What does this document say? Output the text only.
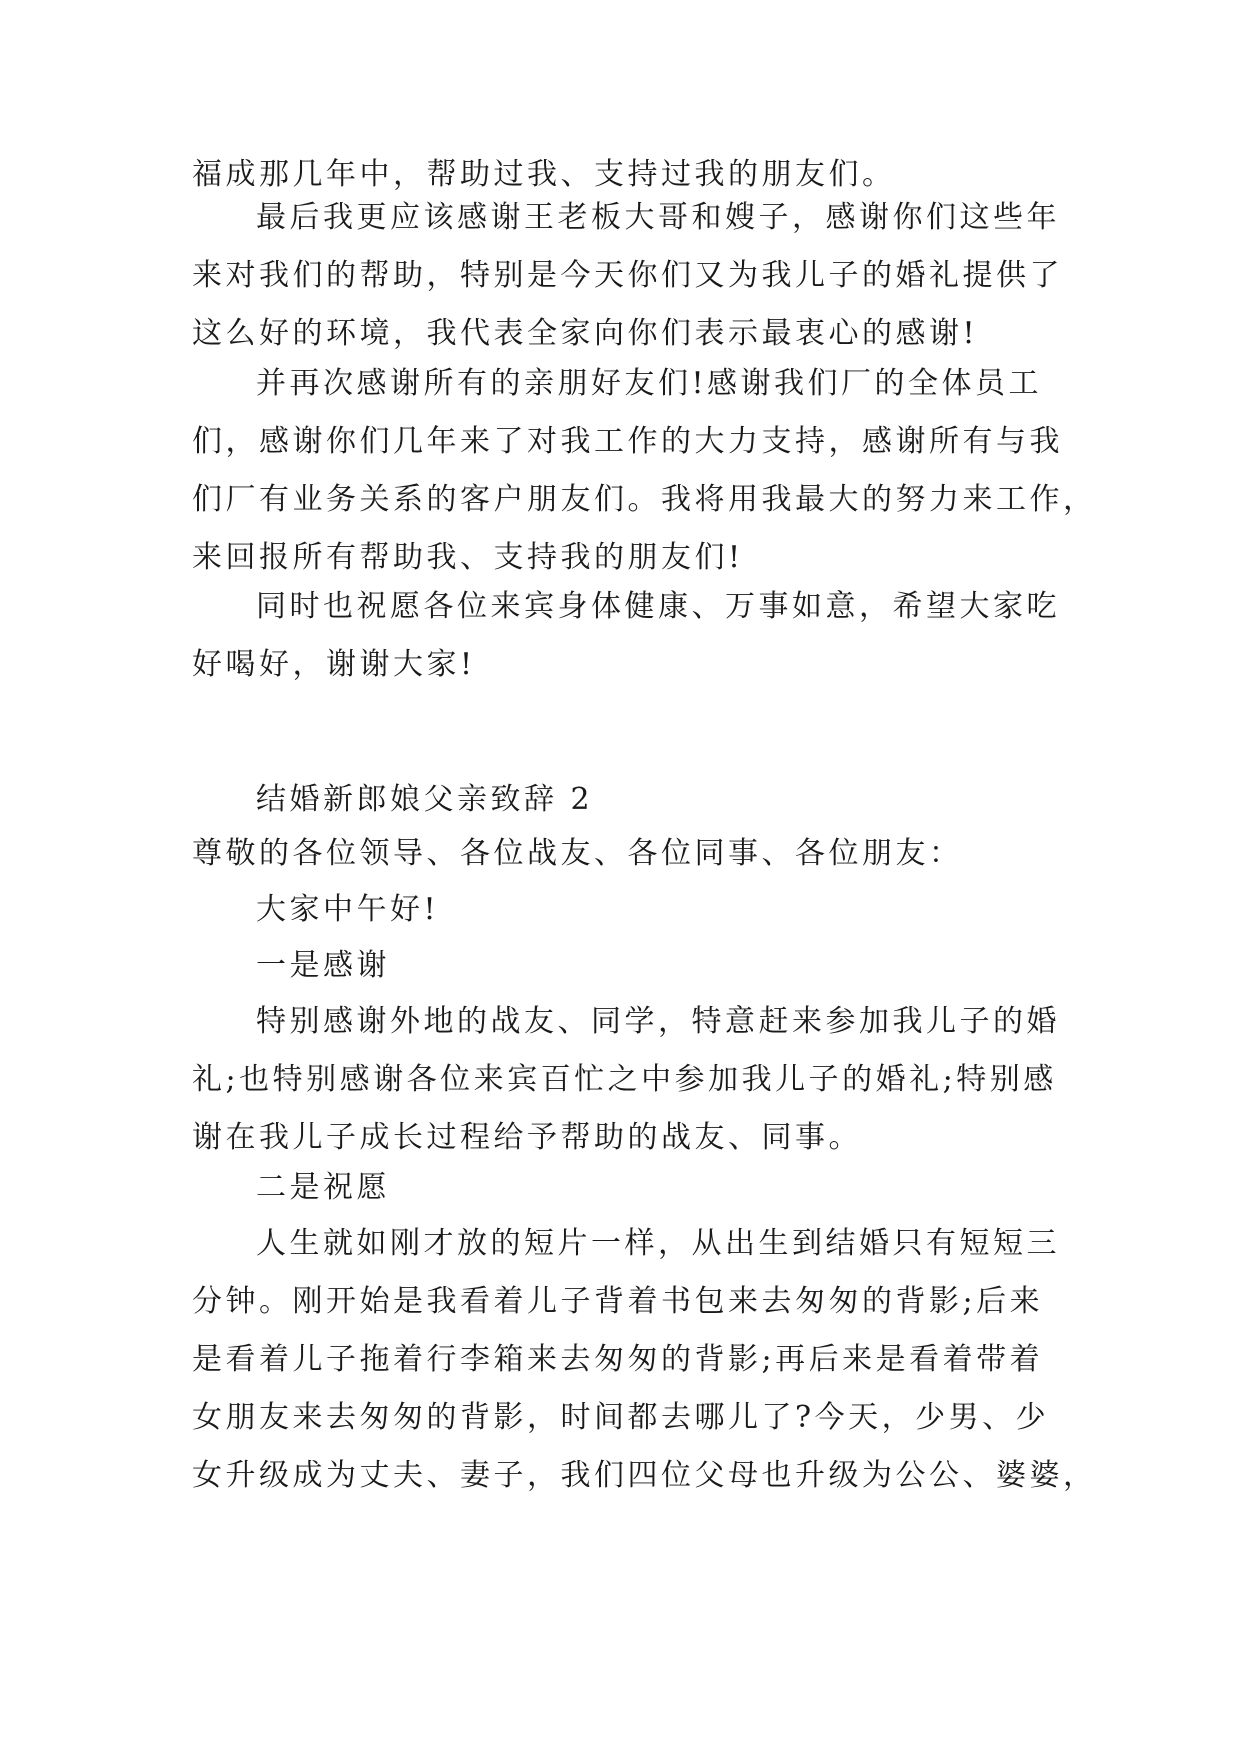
福成那几年中，帮助过我、支持过我的朋友们。
最后我更应该感谢王老板大哥和嫂子，感谢你们这些年
来对我们的帮助，特别是今天你们又为我儿子的婚礼提供了
这么好的环境，我代表全家向你们表示最衷心的感谢!
并再次感谢所有的亲朋好友们!感谢我们厂的全体员工
们，感谢你们几年来了对我工作的大力支持，感谢所有与我
们厂有业务关系的客户朋友们。我将用我最大的努力来工作，
来回报所有帮助我、支持我的朋友们!
同时也祝愿各位来宾身体健康、万事如意，希望大家吃
好喝好，谢谢大家!
结婚新郎娘父亲致辞 2
尊敬的各位领导、各位战友、各位同事、各位朋友：
大家中午好!
一是感谢
特别感谢外地的战友、同学，特意赶来参加我儿子的婚
礼;也特别感谢各位来宾百忙之中参加我儿子的婚礼;特别感
谢在我儿子成长过程给予帮助的战友、同事。
二是祝愿
人生就如刚才放的短片一样，从出生到结婚只有短短三
分钟。刚开始是我看着儿子背着书包来去匆匆的背影;后来
是看着儿子拖着行李箱来去匆匆的背影;再后来是看着带着
女朋友来去匆匆的背影，时间都去哪儿了?今天，少男、少
女升级成为丈夫、妻子，我们四位父母也升级为公公、婆婆，
